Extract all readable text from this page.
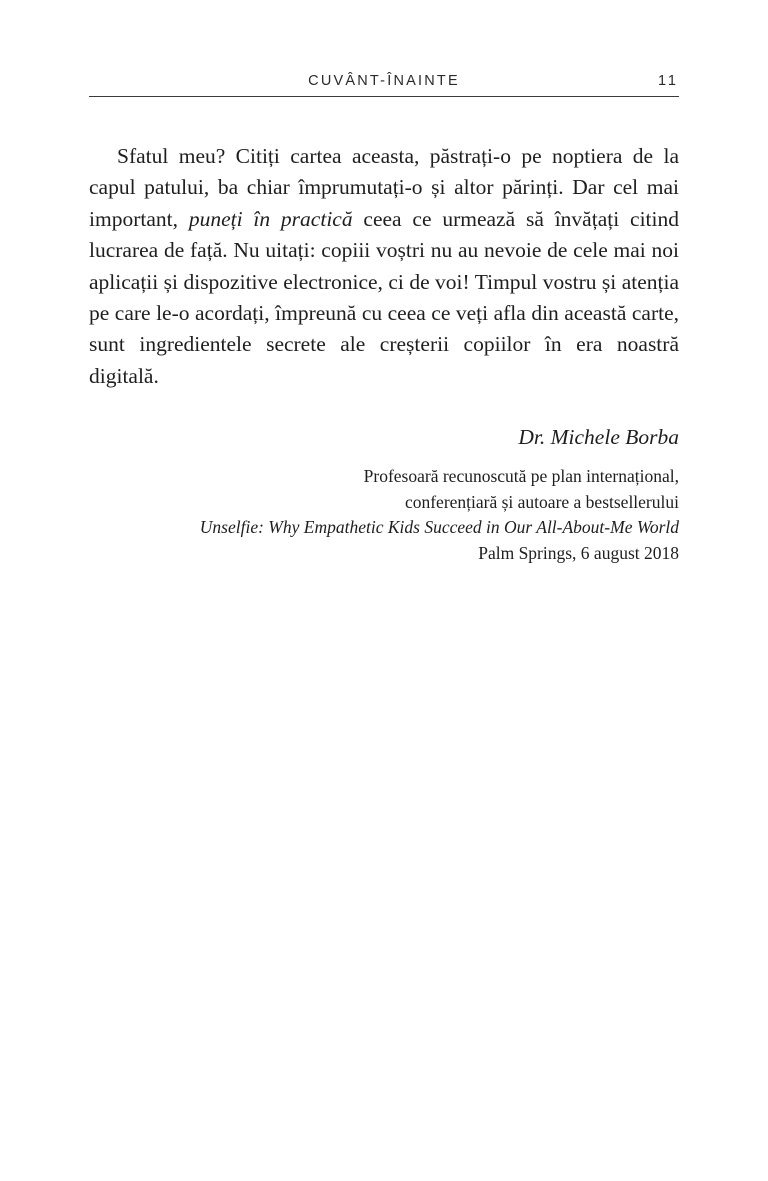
CUVÂNT-ÎNAINTE	11

Sfatul meu? Citiți cartea aceasta, păstrați-o pe noptiera de la capul patului, ba chiar împrumutați-o și altor părinți. Dar cel mai important, puneți în practică ceea ce urmează să învățați citind lucrarea de față. Nu uitați: copiii voștri nu au nevoie de cele mai noi aplicații și dispozitive electronice, ci de voi! Timpul vostru și atenția pe care le-o acordați, împreună cu ceea ce veți afla din această carte, sunt ingredientele secrete ale creșterii copiilor în era noastră digitală.

Dr. Michele Borba
Profesoară recunoscută pe plan internațional,
conferențiară și autoare a bestsellerului
Unselfie: Why Empathetic Kids Succeed in Our All-About-Me World
Palm Springs, 6 august 2018
